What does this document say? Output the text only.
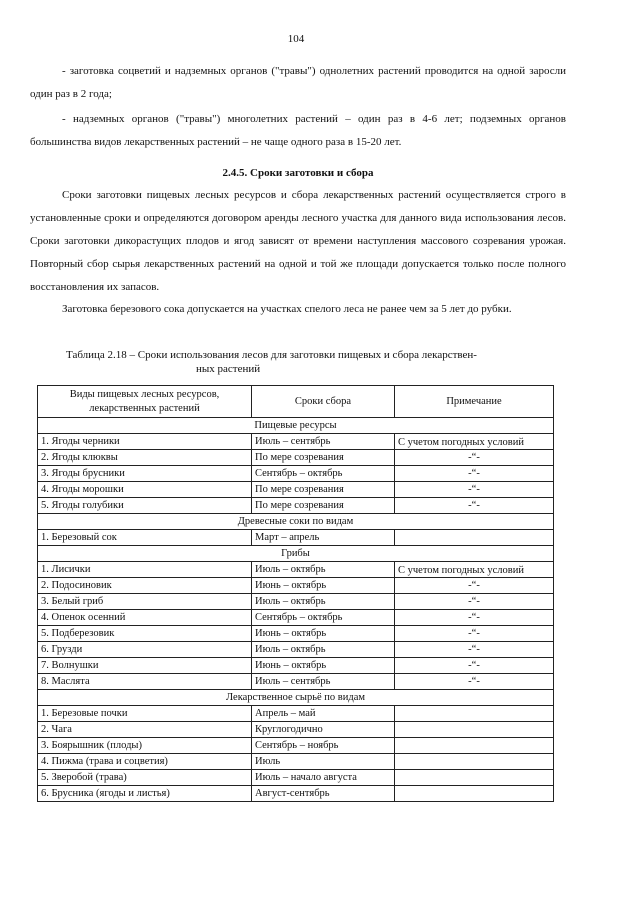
104

- заготовка соцветий и надземных органов ("травы") однолетних растений проводится на одной заросли один раз в 2 года;

- надземных органов ("травы") многолетних растений – один раз в 4-6 лет; подземных органов большинства видов лекарственных растений – не чаще одного раза в 15-20 лет.

2.4.5. Сроки заготовки и сбора

Сроки заготовки пищевых лесных ресурсов и сбора лекарственных растений осуществляется строго в установленные сроки и определяются договором аренды лесного участка для данного вида использования лесов. Сроки заготовки дикорастущих плодов и ягод зависят от времени наступления массового созревания урожая. Повторный сбор сырья лекарственных растений на одной и той же площади допускается только после полного восстановления их запасов.

Заготовка березового сока допускается на участках спелого леса не ранее чем за 5 лет до рубки.

Таблица 2.18 – Сроки использования лесов для заготовки пищевых и сбора лекарствен-
ных растений
Виды пищевых лесных ресурсов, лекарственных растений	Сроки сбора	Примечание
Пищевые ресурсы		
1. Ягоды черники	Июль – сентябрь	С учетом погодных условий
2. Ягоды клюквы	По мере созревания	-“-
3. Ягоды брусники	Сентябрь – октябрь	-“-
4. Ягоды морошки	По мере созревания	-“-
5. Ягоды голубики	По мере созревания	-“-
Древесные соки по видам		
1. Березовый сок	Март – апрель	
Грибы		
1. Лисички	Июль – октябрь	С учетом погодных условий
2. Подосиновик	Июнь – октябрь	-“-
3. Белый гриб	Июль – октябрь	-“-
4. Опенок осенний	Сентябрь – октябрь	-“-
5. Подберезовик	Июнь – октябрь	-“-
6. Грузди	Июль – октябрь	-“-
7. Волнушки	Июнь – октябрь	-“-
8. Маслята	Июль – сентябрь	-“-
Лекарственное сырьё по видам		
1. Березовые почки	Апрель – май	
2. Чага	Круглогодично	
3. Боярышник (плоды)	Сентябрь – ноябрь	
4. Пижма (трава и соцветия)	Июль	
5. Зверобой (трава)	Июль – начало августа	
6. Брусника (ягоды и листья)	Август-сентябрь	
